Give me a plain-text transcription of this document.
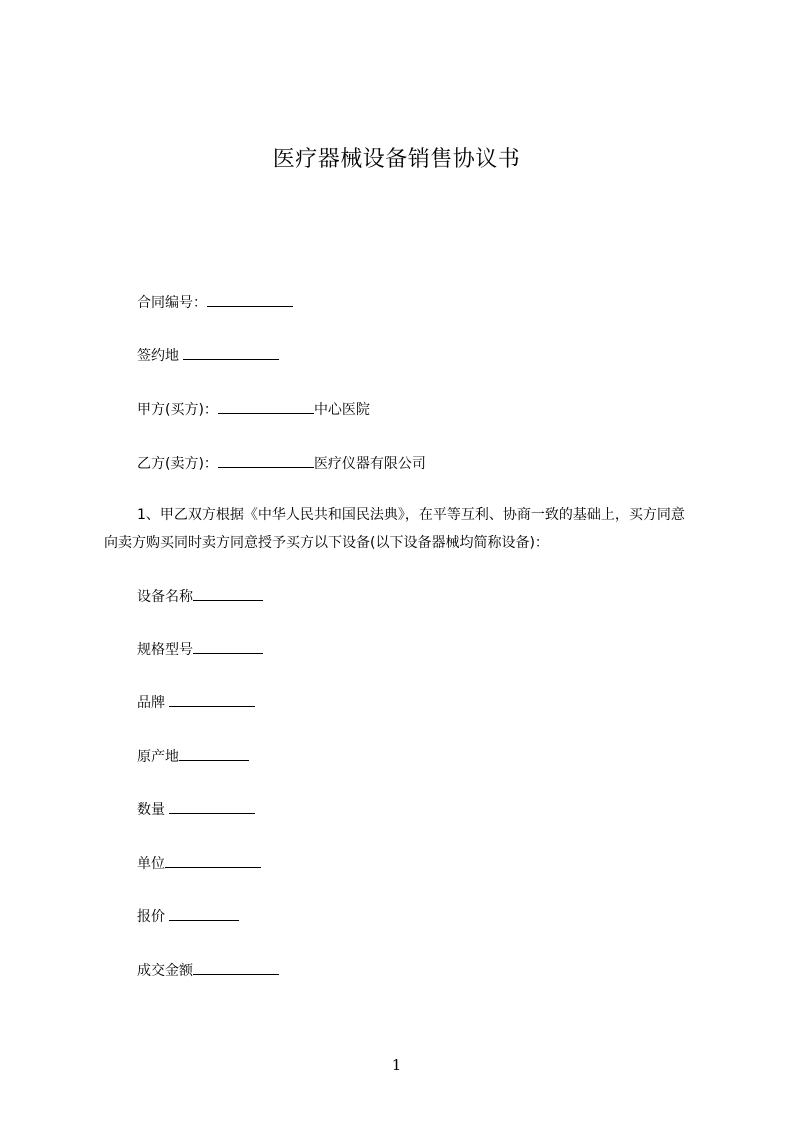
医疗器械设备销售协议书
合同编号：
签约地
甲方(买方)：	中心医院
乙方(卖方)：	医疗仪器有限公司
1、甲乙双方根据《中华人民共和国民法典》，在平等互利、协商一致的基础上，买方同意向卖方购买同时卖方同意授予买方以下设备(以下设备器械均简称设备)：
设备名称
规格型号
品牌
原产地
数量
单位
报价
成交金额
1
